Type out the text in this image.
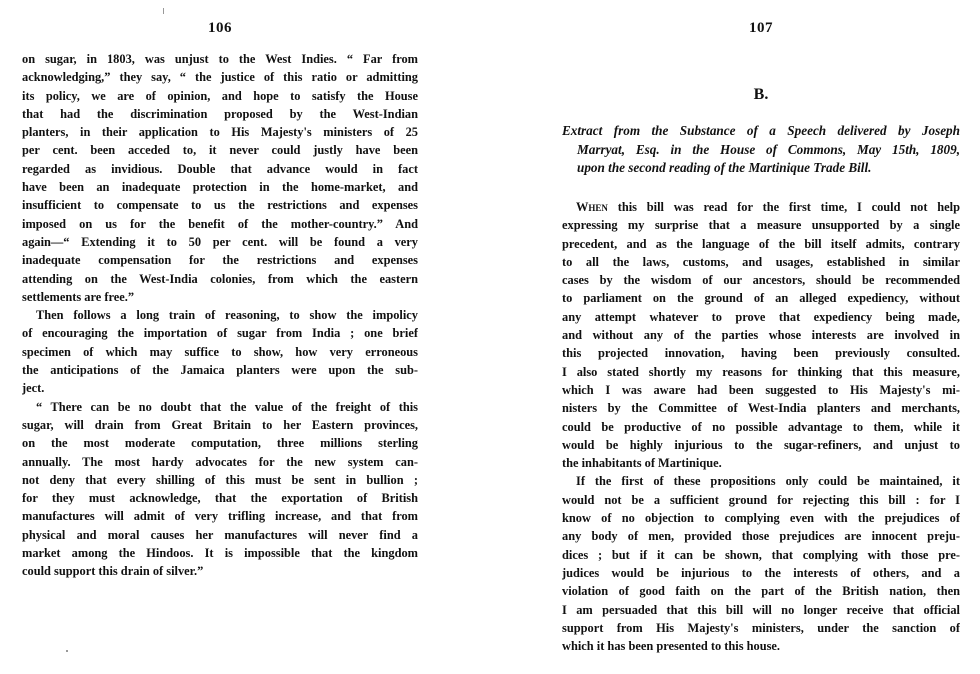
106
on sugar, in 1803, was unjust to the West Indies. “ Far from
acknowledging,” they say, “ the justice of this ratio or admitting
its policy, we are of opinion, and hope to satisfy the House
that had the discrimination proposed by the West-Indian
planters, in their application to His Majesty's ministers of 25
per cent. been acceded to, it never could justly have been
regarded as invidious. Double that advance would in fact
have been an inadequate protection in the home-market, and
insufficient to compensate to us the restrictions and expenses
imposed on us for the benefit of the mother-country.” And
again—“ Extending it to 50 per cent. will be found a very
inadequate compensation for the restrictions and expenses
attending on the West-India colonies, from which the eastern
settlements are free.”
Then follows a long train of reasoning, to show the impolicy
of encouraging the importation of sugar from India ; one brief
specimen of which may suffice to show, how very erroneous
the anticipations of the Jamaica planters were upon the sub-
ject.
“ There can be no doubt that the value of the freight of this
sugar, will drain from Great Britain to her Eastern provinces,
on the most moderate computation, three millions sterling
annually. The most hardy advocates for the new system can-
not deny that every shilling of this must be sent in bullion ;
for they must acknowledge, that the exportation of British
manufactures will admit of very trifling increase, and that from
physical and moral causes her manufactures will never find a
market among the Hindoos. It is impossible that the kingdom
could support this drain of silver.”
107
B.
Extract from the Substance of a Speech delivered by Joseph
Marryat, Esq. in the House of Commons, May 15th, 1809,
upon the second reading of the Martinique Trade Bill.
When this bill was read for the first time, I could not help
expressing my surprise that a measure unsupported by a single
precedent, and as the language of the bill itself admits, contrary
to all the laws, customs, and usages, established in similar
cases by the wisdom of our ancestors, should be recommended
to parliament on the ground of an alleged expediency, without
any attempt whatever to prove that expediency being made,
and without any of the parties whose interests are involved in
this projected innovation, having been previously consulted.
I also stated shortly my reasons for thinking that this measure,
which I was aware had been suggested to His Majesty's mi-
nisters by the Committee of West-India planters and merchants,
could be productive of no possible advantage to them, while it
would be highly injurious to the sugar-refiners, and unjust to
the inhabitants of Martinique.
If the first of these propositions only could be maintained, it
would not be a sufficient ground for rejecting this bill : for I
know of no objection to complying even with the prejudices of
any body of men, provided those prejudices are innocent preju-
dices ; but if it can be shown, that complying with those pre-
judices would be injurious to the interests of others, and a
violation of good faith on the part of the British nation, then
I am persuaded that this bill will no longer receive that official
support from His Majesty's ministers, under the sanction of
which it has been presented to this house.
